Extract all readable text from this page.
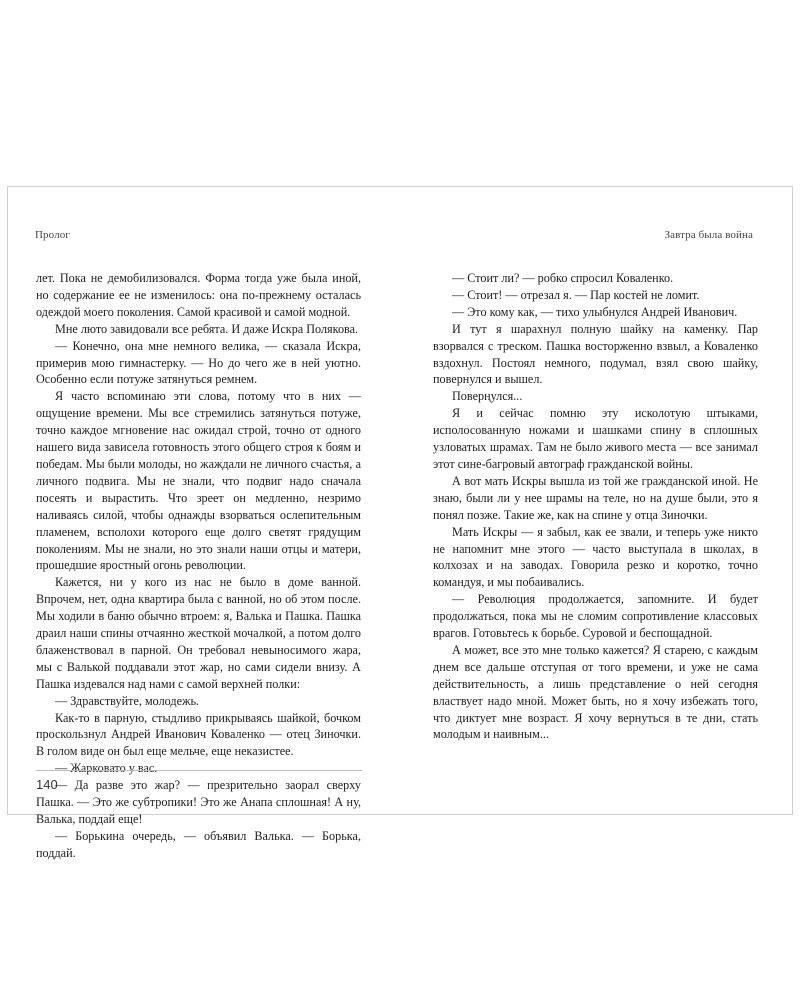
Пролог	Завтра была война

лет. Пока не демобилизовался. Форма тогда уже была иной, но содержание ее не изменилось: она по-прежнему осталась одеждой моего поколения. Самой красивой и самой модной.

Мне люто завидовали все ребята. И даже Искра Полякова.

— Конечно, она мне немного велика, — сказала Искра, примерив мою гимнастерку. — Но до чего же в ней уютно. Особенно если потуже затянуться ремнем.

Я часто вспоминаю эти слова, потому что в них — ощущение времени. Мы все стремились затянуться потуже, точно каждое мгновение нас ожидал строй, точно от одного нашего вида зависела готовность этого общего строя к боям и победам. Мы были молоды, но жаждали не личного счастья, а личного подвига. Мы не знали, что подвиг надо сначала посеять и вырастить. Что зреет он медленно, незримо наливаясь силой, чтобы однажды взорваться ослепительным пламенем, всполохи которого еще долго светят грядущим поколениям. Мы не знали, но это знали наши отцы и матери, прошедшие яростный огонь революции.

Кажется, ни у кого из нас не было в доме ванной. Впрочем, нет, одна квартира была с ванной, но об этом после. Мы ходили в баню обычно втроем: я, Валька и Пашка. Пашка драил наши спины отчаянно жесткой мочалкой, а потом долго блаженствовал в парной. Он требовал невыносимого жара, мы с Валькой поддавали этот жар, но сами сидели внизу. А Пашка издевался над нами с самой верхней полки:

— Здравствуйте, молодежь.

Как-то в парную, стыдливо прикрываясь шайкой, бочком проскользнул Андрей Иванович Коваленко — отец Зиночки. В голом виде он был еще мельче, еще неказистее.

— Жарковато у вас.

— Да разве это жар? — презрительно заорал сверху Пашка. — Это же субтропики! Это же Анапа сплошная! А ну, Валька, поддай еще!

— Борькина очередь, — объявил Валька. — Борька, поддай.

— Стоит ли? — робко спросил Коваленко.

— Стоит! — отрезал я. — Пар костей не ломит.

— Это кому как, — тихо улыбнулся Андрей Иванович.

И тут я шарахнул полную шайку на каменку. Пар взорвался с треском. Пашка восторженно взвыл, а Коваленко вздохнул. Постоял немного, подумал, взял свою шайку, повернулся и вышел.

Поверңулся...

Я и сейчас помню эту исколотую штыками, исполосованную ножами и шашками спину в сплошных узловатых шрамах. Там не было живого места — все занимал этот сине-багровый автограф гражданской войны.

А вот мать Искры вышла из той же гражданской иной. Не знаю, были ли у нее шрамы на теле, но на душе были, это я понял позже. Такие же, как на спине у отца Зиночки.

Мать Искры — я забыл, как ее звали, и теперь уже никто не напомнит мне этого — часто выступала в школах, в колхозах и на заводах. Говорила резко и коротко, точно командуя, и мы побаивались.

— Революция продолжается, запомните. И будет продолжаться, пока мы не сломим сопротивление классовых врагов. Готовьтесь к борьбе. Суровой и беспощадной.

А может, все это мне только кажется? Я старею, с каждым днем все дальше отступая от того времени, и уже не сама действительность, а лишь представление о ней сегодня властвует надо мной. Может быть, но я хочу избежать того, что диктует мне возраст. Я хочу вернуться в те дни, стать молодым и наивным...

140
